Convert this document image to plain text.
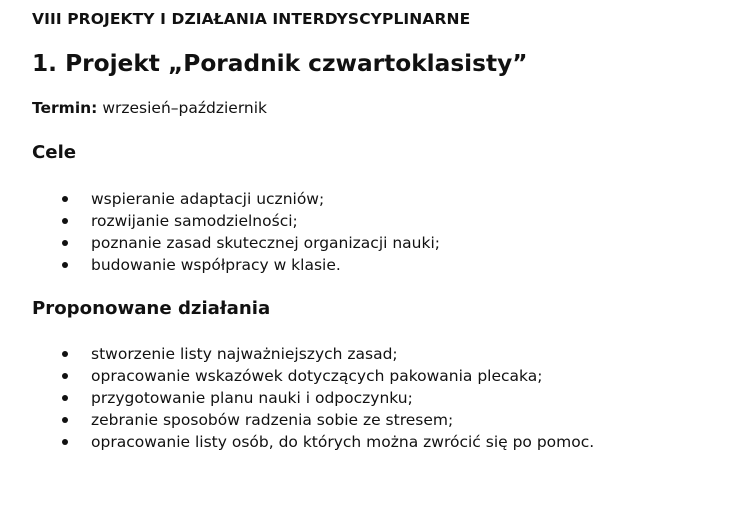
VIII PROJEKTY I DZIAŁANIA INTERDYSCYPLINARNE
1. Projekt „Poradnik czwartoklasisty”

Termin: wrzesień–październik

Cele
wspieranie adaptacji uczniów;
rozwijanie samodzielności;
poznanie zasad skutecznej organizacji nauki;
budowanie współpracy w klasie.
Proponowane działania
stworzenie listy najważniejszych zasad;
opracowanie wskazówek dotyczących pakowania plecaka;
przygotowanie planu nauki i odpoczynku;
zebranie sposobów radzenia sobie ze stresem;
opracowanie listy osób, do których można zwrócić się po pomoc.
